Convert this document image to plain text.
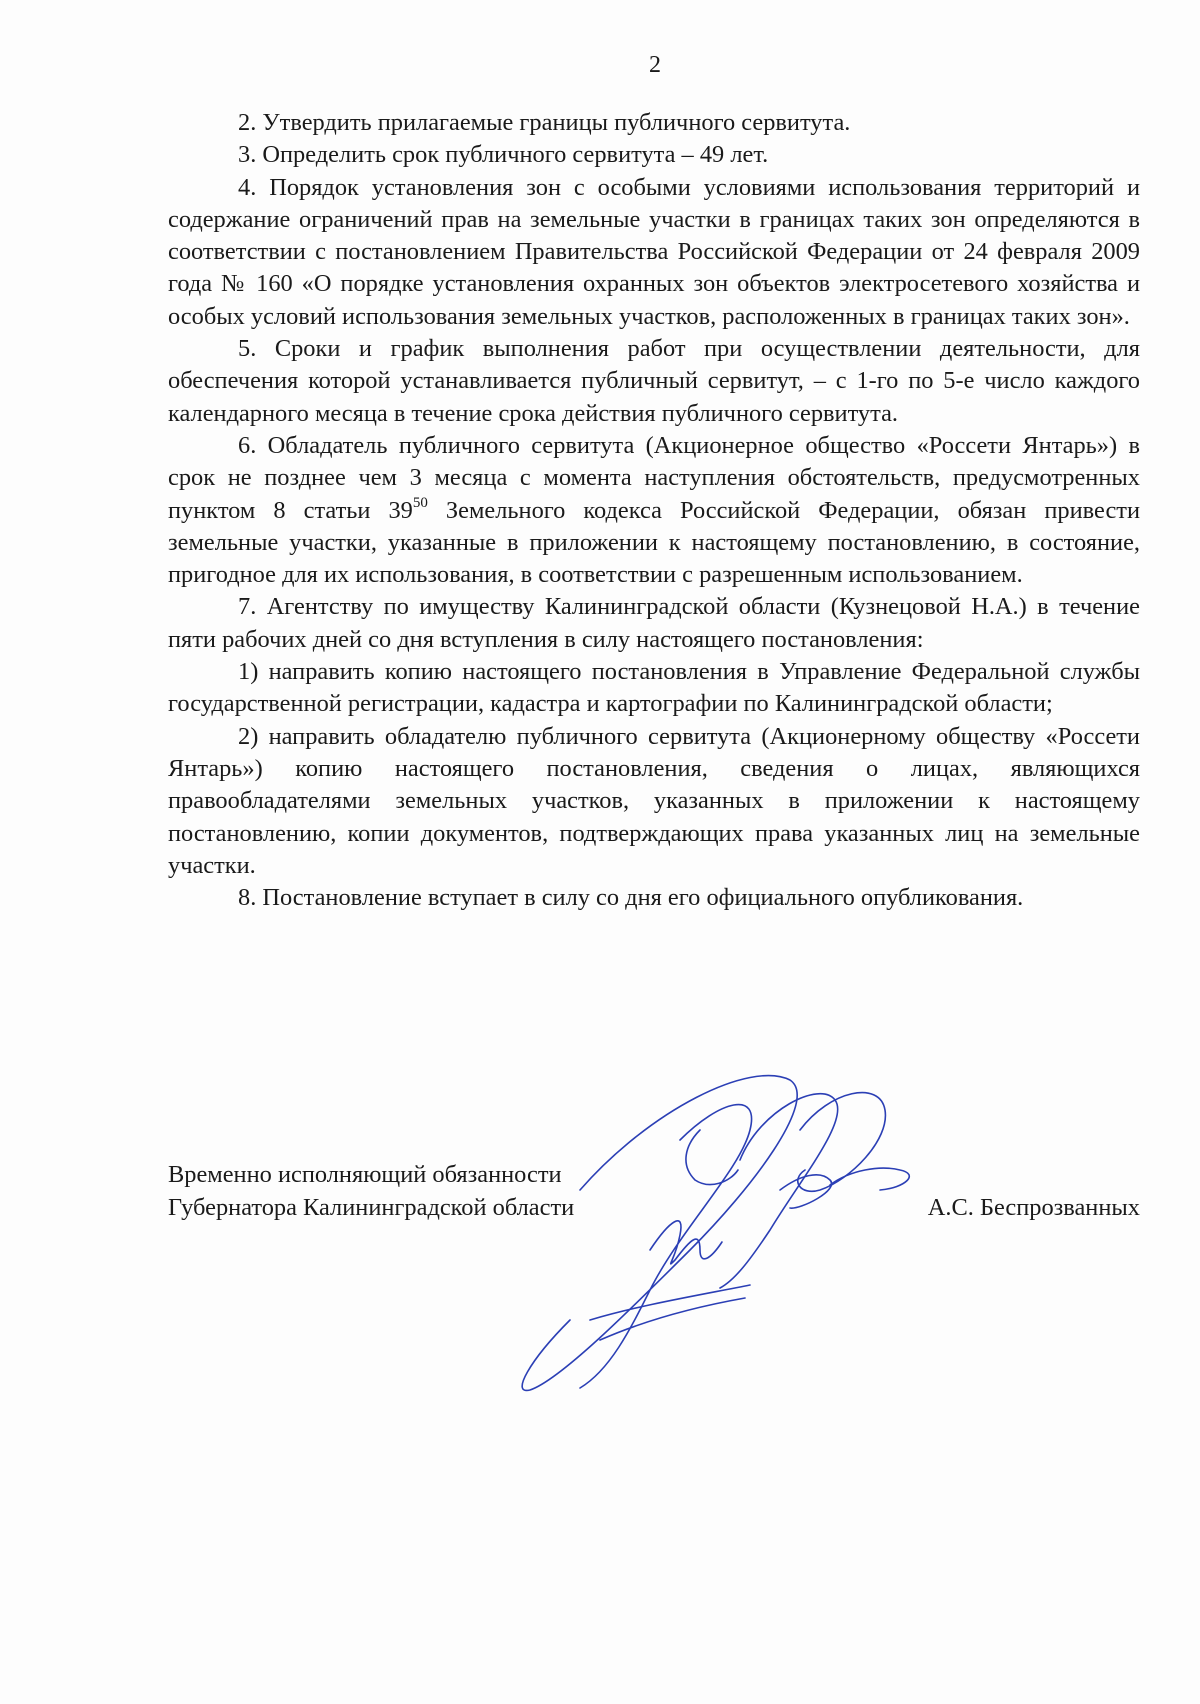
2

2. Утвердить прилагаемые границы публичного сервитута.

3. Определить срок публичного сервитута – 49 лет.

4. Порядок установления зон с особыми условиями использования территорий и содержание ограничений прав на земельные участки в границах таких зон определяются в соответствии с постановлением Правительства Российской Федерации от 24 февраля 2009 года № 160 «О порядке установления охранных зон объектов электросетевого хозяйства и особых условий использования земельных участков, расположенных в границах таких зон».

5. Сроки и график выполнения работ при осуществлении деятельности, для обеспечения которой устанавливается публичный сервитут, – с 1-го по 5-е число каждого календарного месяца в течение срока действия публичного сервитута.

6. Обладатель публичного сервитута (Акционерное общество «Россети Янтарь») в срок не позднее чем 3 месяца с момента наступления обстоятельств, предусмотренных пунктом 8 статьи $39^{50}$ Земельного кодекса Российской Федерации, обязан привести земельные участки, указанные в приложении к настоящему постановлению, в состояние, пригодное для их использования, в соответствии с разрешенным использованием.

7. Агентству по имуществу Калининградской области (Кузнецовой Н.А.) в течение пяти рабочих дней со дня вступления в силу настоящего постановления:

1) направить копию настоящего постановления в Управление Федеральной службы государственной регистрации, кадастра и картографии по Калининградской области;

2) направить обладателю публичного сервитута (Акционерному обществу «Россети Янтарь») копию настоящего постановления, сведения о лицах, являющихся правообладателями земельных участков, указанных в приложении к настоящему постановлению, копии документов, подтверждающих права указанных лиц на земельные участки.

8. Постановление вступает в силу со дня его официального опубликования.

Временно исполняющий обязанности
Губернатора Калининградской области	А.С. Беспрозванных
